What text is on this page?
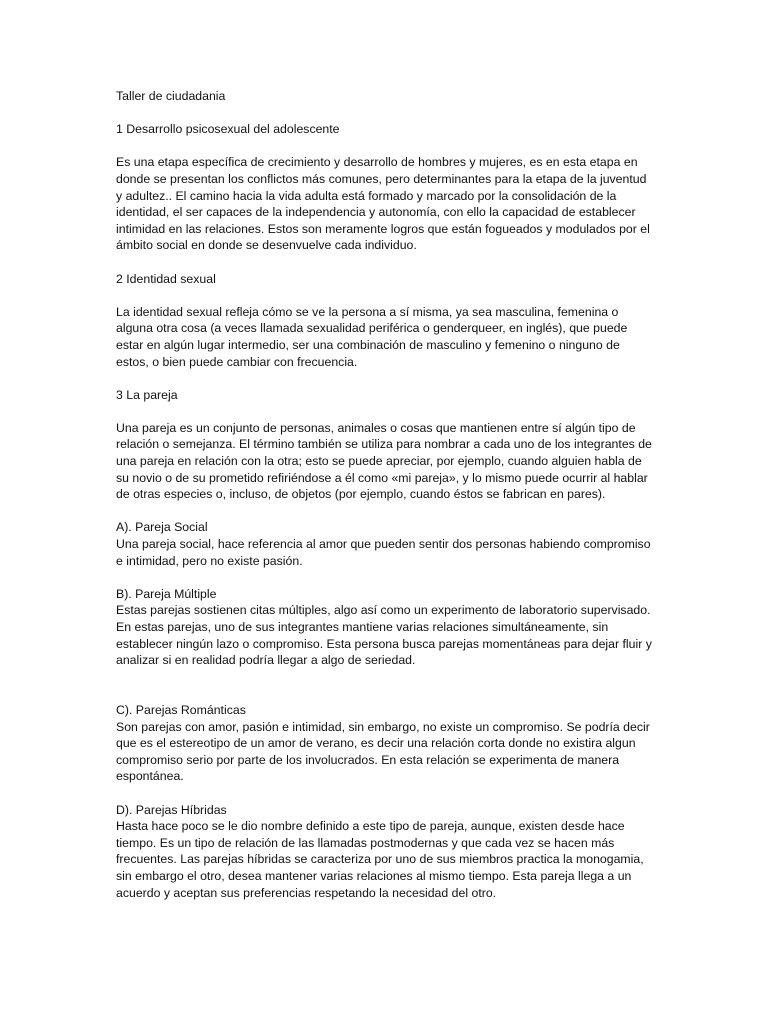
Taller de ciudadania

1 Desarrollo psicosexual del adolescente

Es una etapa específica de crecimiento y desarrollo de hombres y mujeres, es en esta etapa en donde se presentan los conflictos más comunes, pero determinantes para la etapa de la juventud y adultez.. El camino hacia la vida adulta está formado y marcado por la consolidación de la identidad, el ser capaces de la independencia y autonomía, con ello la capacidad de establecer intimidad en las relaciones. Estos son meramente logros que están fogueados y modulados por el ámbito social en donde se desenvuelve cada individuo.

2 Identidad sexual

La identidad sexual refleja cómo se ve la persona a sí misma, ya sea masculina, femenina o alguna otra cosa (a veces llamada sexualidad periférica o genderqueer, en inglés), que puede estar en algún lugar intermedio, ser una combinación de masculino y femenino o ninguno de estos, o bien puede cambiar con frecuencia.

3 La pareja

Una pareja es un conjunto de personas, animales o cosas que mantienen entre sí algún tipo de relación o semejanza. El término también se utiliza para nombrar a cada uno de los integrantes de una pareja en relación con la otra; esto se puede apreciar, por ejemplo, cuando alguien habla de su novio o de su prometido refiriéndose a él como «mi pareja», y lo mismo puede ocurrir al hablar de otras especies o, incluso, de objetos (por ejemplo, cuando éstos se fabrican en pares).

A). Pareja Social

Una pareja social, hace referencia al amor que pueden sentir dos personas habiendo compromiso e intimidad, pero no existe pasión.

B). Pareja Múltiple

Estas parejas sostienen citas múltiples, algo así como un experimento de laboratorio supervisado. En estas parejas, uno de sus integrantes mantiene varias relaciones simultáneamente, sin establecer ningún lazo o compromiso. Esta persona busca parejas momentáneas para dejar fluir y analizar si en realidad podría llegar a algo de seriedad.

C). Parejas Románticas

Son parejas con amor, pasión e intimidad, sin embargo, no existe un compromiso. Se podría decir que es el estereotipo de un amor de verano, es decir una relación corta donde no existira algun compromiso serio por parte de los involucrados. En esta relación se experimenta de manera espontánea.

D). Parejas Híbridas

Hasta hace poco se le dio nombre definido a este tipo de pareja, aunque, existen desde hace tiempo. Es un tipo de relación de las llamadas postmodernas y que cada vez se hacen más frecuentes. Las parejas híbridas se caracteriza por uno de sus miembros practica la monogamia, sin embargo el otro, desea mantener varias relaciones al mismo tiempo. Esta pareja llega a un acuerdo y aceptan sus preferencias respetando la necesidad del otro.
